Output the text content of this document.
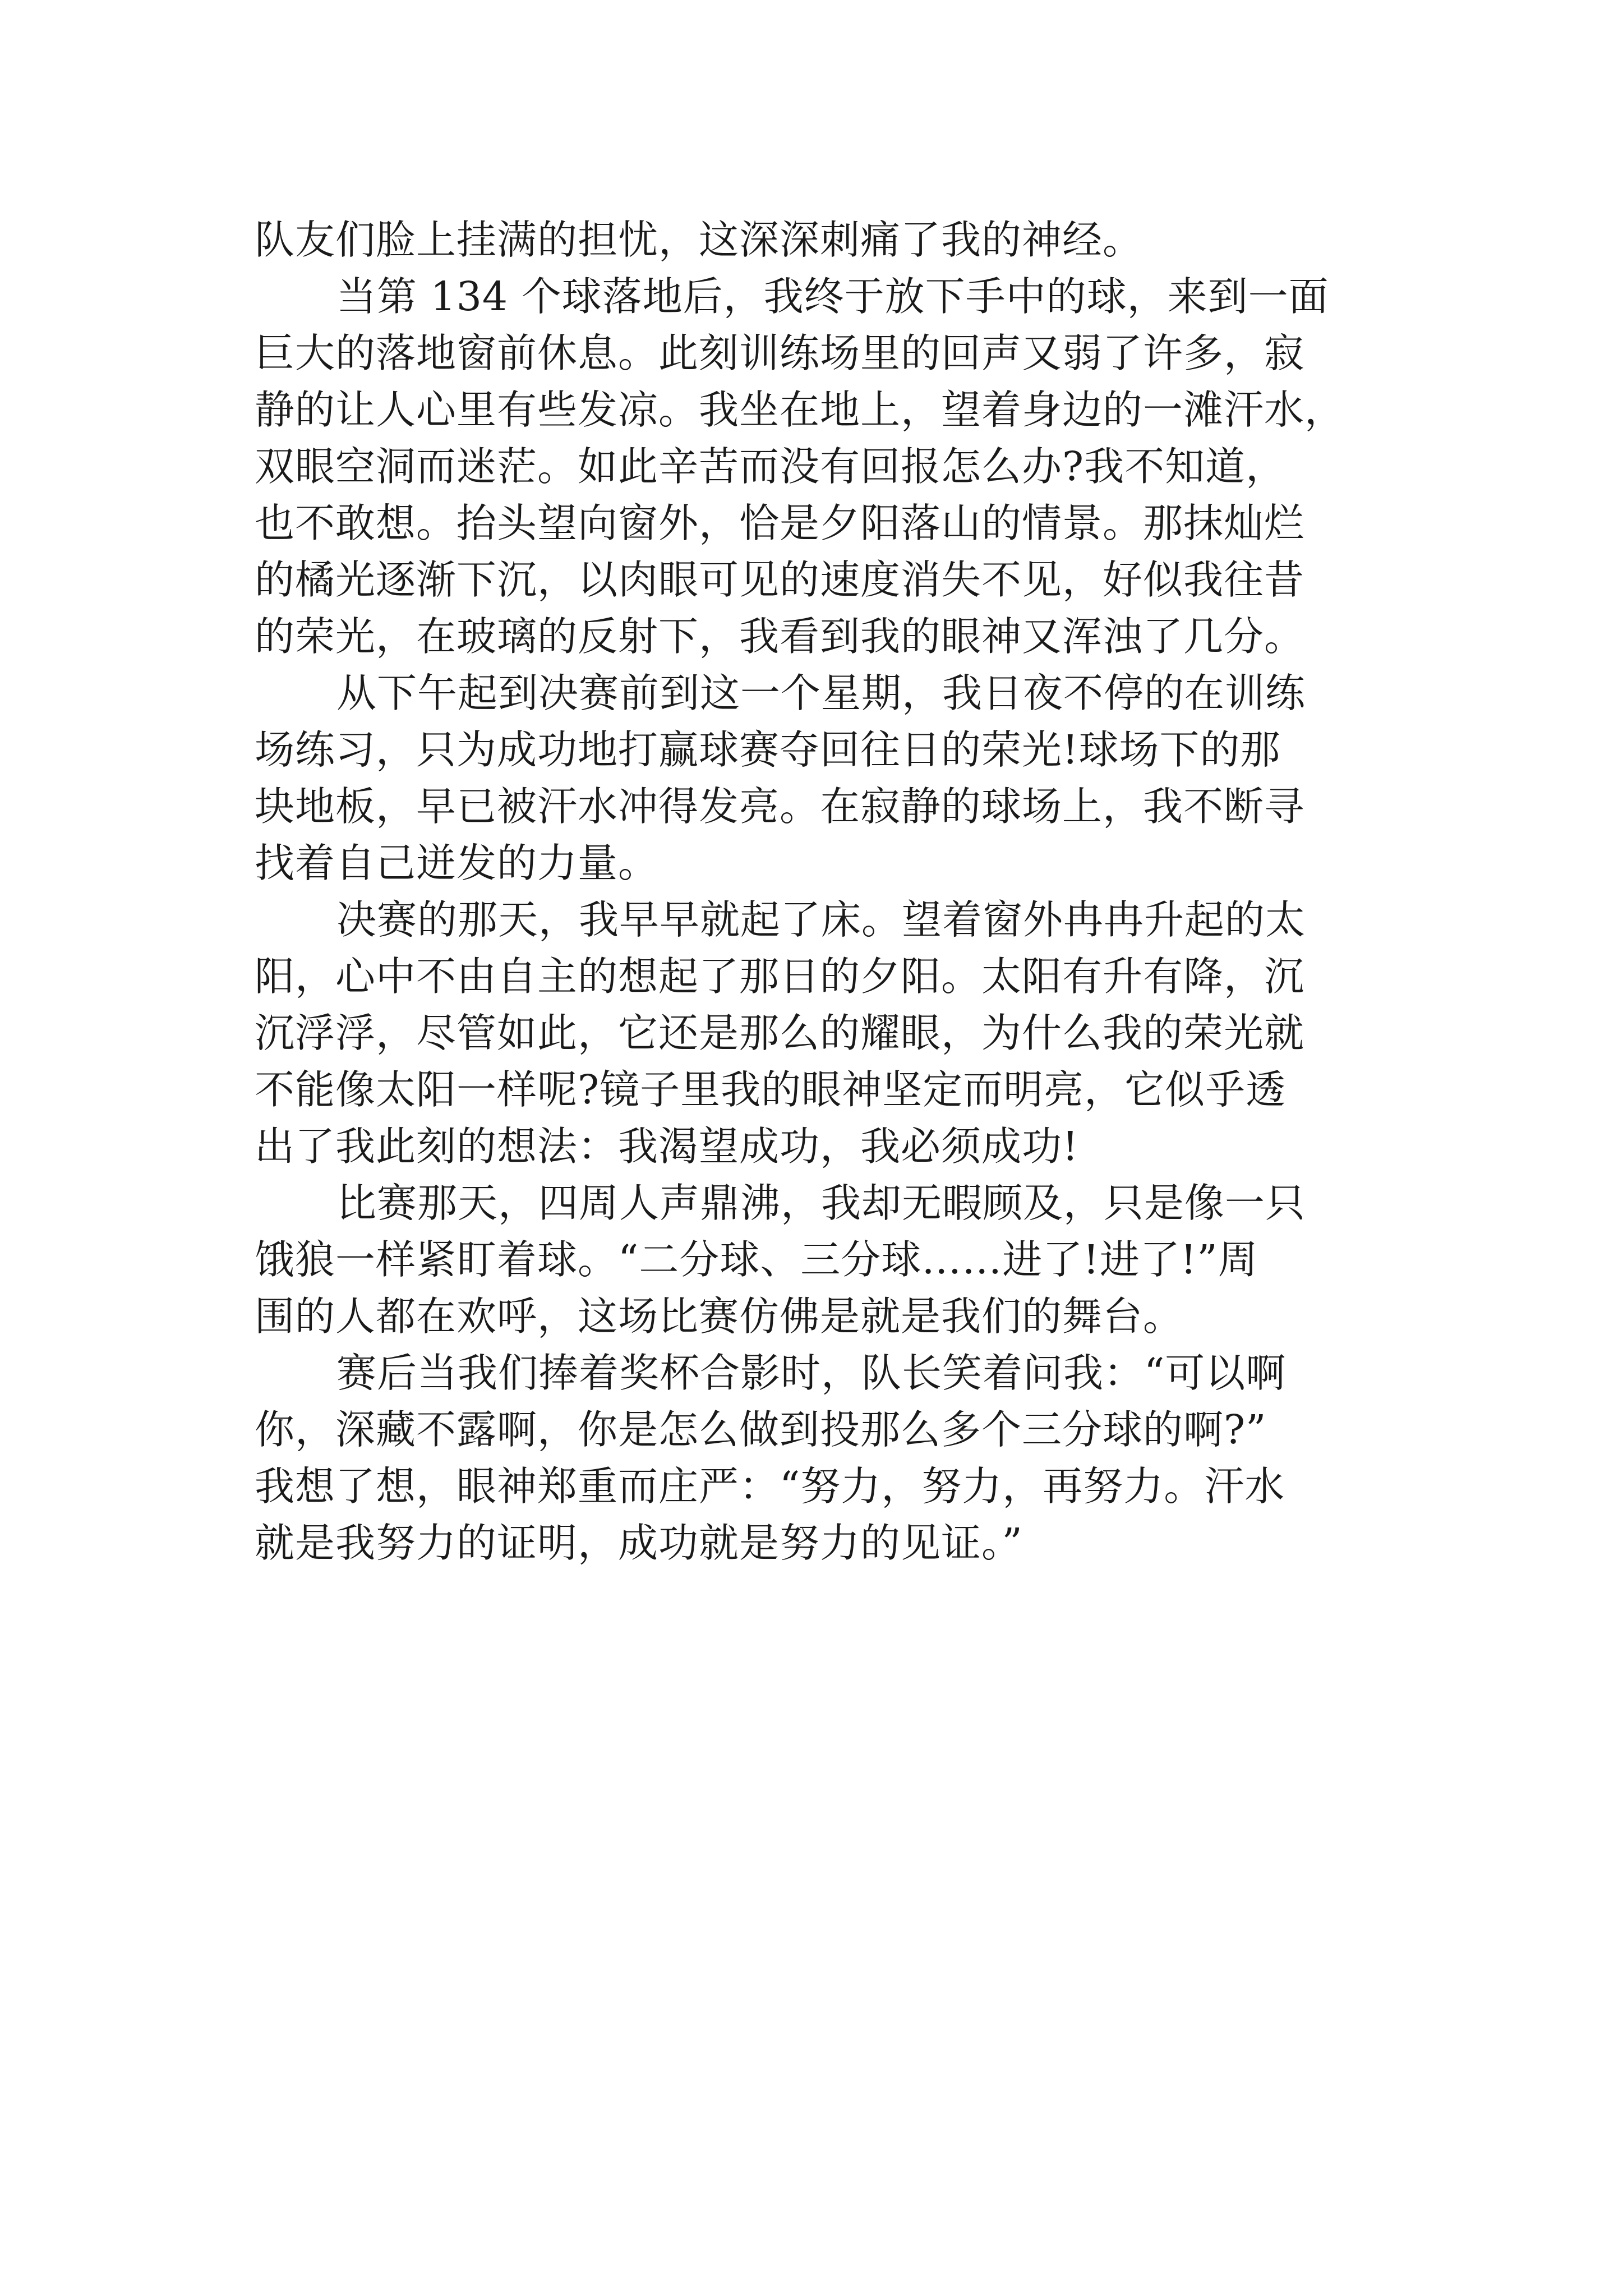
队友们脸上挂满的担忧，这深深刺痛了我的神经。
当第 134 个球落地后，我终于放下手中的球，来到一面
巨大的落地窗前休息。此刻训练场里的回声又弱了许多，寂
静的让人心里有些发凉。我坐在地上，望着身边的一滩汗水，
双眼空洞而迷茫。如此辛苦而没有回报怎么办?我不知道，
也不敢想。抬头望向窗外，恰是夕阳落山的情景。那抹灿烂
的橘光逐渐下沉，以肉眼可见的速度消失不见，好似我往昔
的荣光，在玻璃的反射下，我看到我的眼神又浑浊了几分。
从下午起到决赛前到这一个星期，我日夜不停的在训练
场练习，只为成功地打赢球赛夺回往日的荣光!球场下的那
块地板，早已被汗水冲得发亮。在寂静的球场上，我不断寻
找着自己迸发的力量。
决赛的那天，我早早就起了床。望着窗外冉冉升起的太
阳，心中不由自主的想起了那日的夕阳。太阳有升有降，沉
沉浮浮，尽管如此，它还是那么的耀眼，为什么我的荣光就
不能像太阳一样呢?镜子里我的眼神坚定而明亮，它似乎透
出了我此刻的想法：我渴望成功，我必须成功!
比赛那天，四周人声鼎沸，我却无暇顾及，只是像一只
饿狼一样紧盯着球。“二分球、三分球……进了!进了!”周
围的人都在欢呼，这场比赛仿佛是就是我们的舞台。
赛后当我们捧着奖杯合影时，队长笑着问我：“可以啊
你，深藏不露啊，你是怎么做到投那么多个三分球的啊?”
我想了想，眼神郑重而庄严：“努力，努力，再努力。汗水
就是我努力的证明，成功就是努力的见证。”
